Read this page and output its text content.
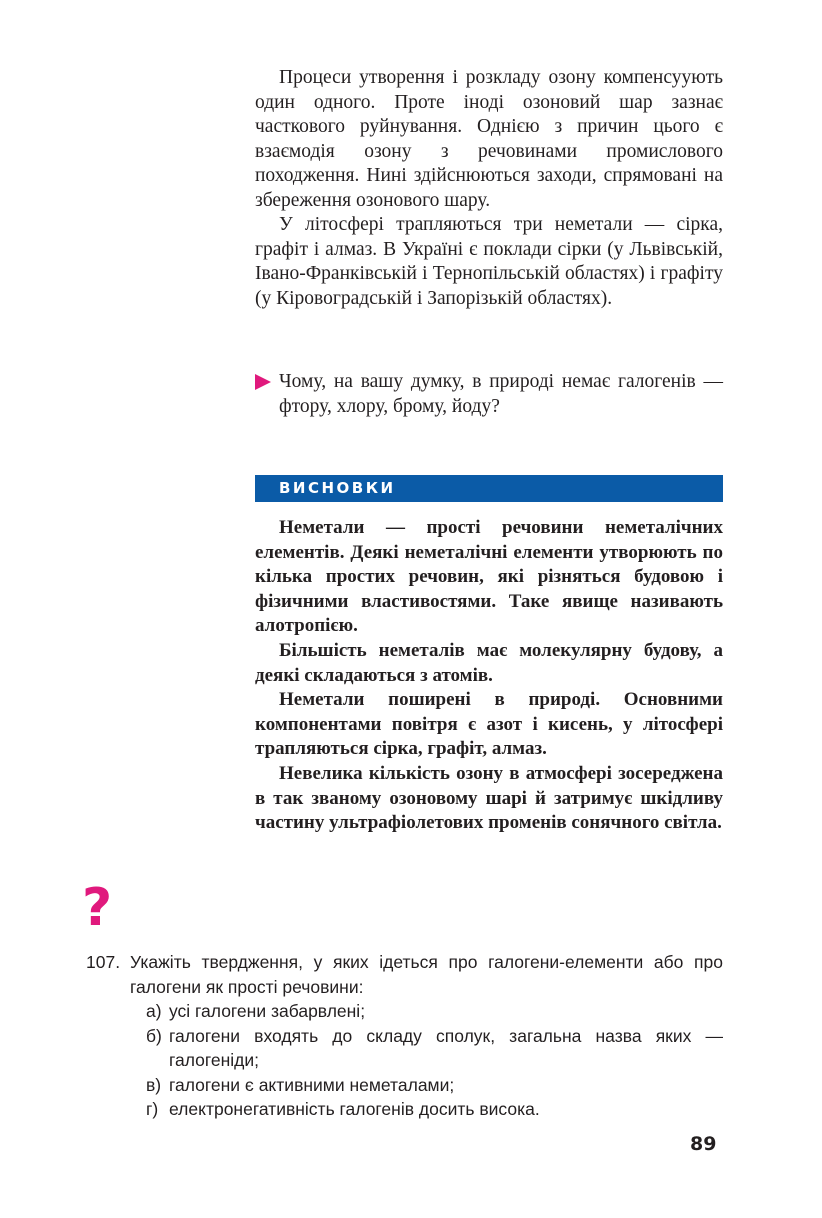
Процеси утворення і розкладу озону компенсуують один одного. Проте іноді озоновий шар зазнає часткового руйнування. Однією з причин цього є взаємодія озону з речовинами промислового походження. Нині здійснюються заходи, спрямовані на збереження озонового шару.

У літосфері трапляються три неметали — сірка, графіт і алмаз. В Україні є поклади сірки (у Львівській, Івано-Франківській і Тернопільській областях) і графіту (у Кіровоградській і Запорізькій областях).

Чому, на вашу думку, в природі немає галогенів — фтору, хлору, брому, йоду?
ВИСНОВКИ

Неметали — прості речовини неметалічних елементів. Деякі неметалічні елементи утворюють по кілька простих речовин, які різняться будовою і фізичними властивостями. Таке явище називають алотропією.

Більшість неметалів має молекулярну будову, а деякі складаються з атомів.

Неметали поширені в природі. Основними компонентами повітря є азот і кисень, у літосфері трапляються сірка, графіт, алмаз.

Невелика кількість озону в атмосфері зосереджена в так званому озоновому шарі й затримує шкідливу частину ультрафіолетових променів сонячного світла.

?
107. Укажіть твердження, у яких ідеться про галогени-елементи або про галогени як прості речовини:
а) усі галогени забарвлені;
б) галогени входять до складу сполук, загальна назва яких — галогеніди;
в) галогени є активними неметалами;
г) електронегативність галогенів досить висока.
89
